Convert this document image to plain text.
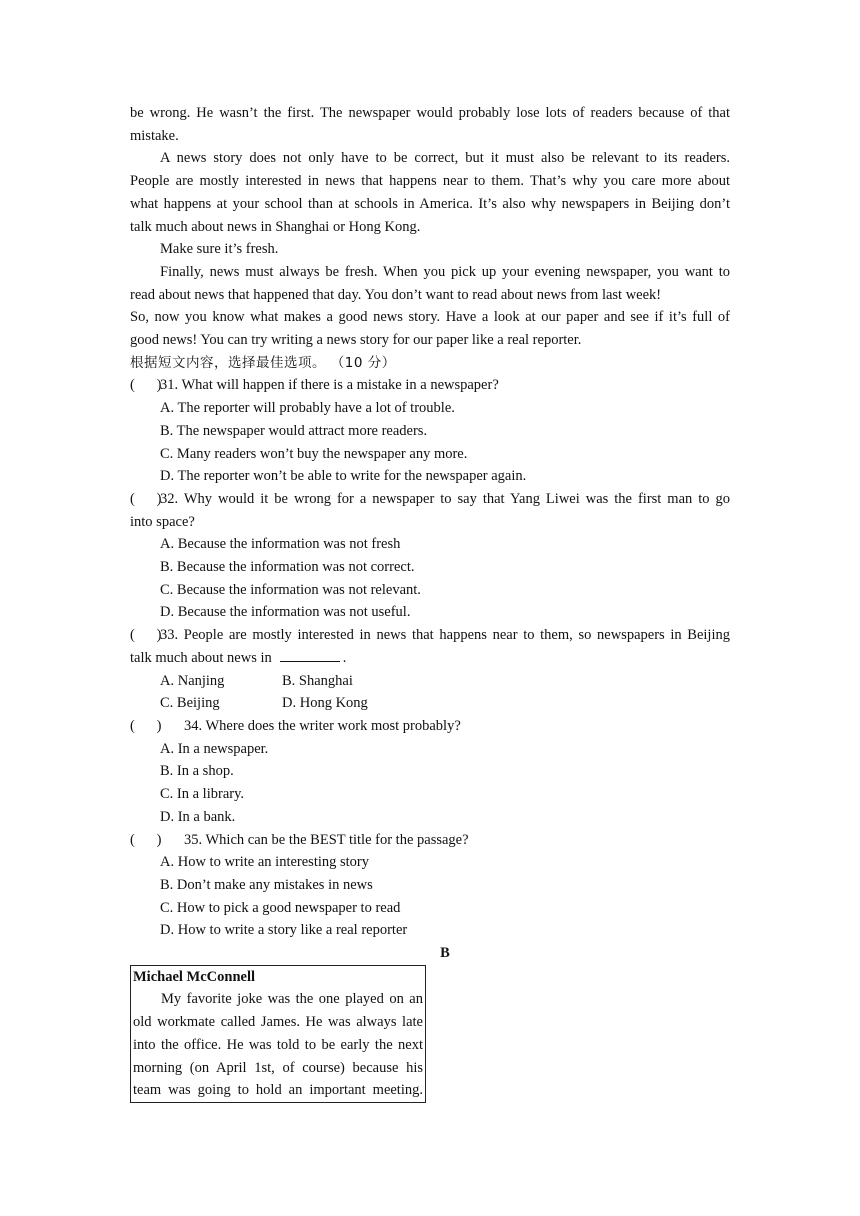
be wrong. He wasn’t the first. The newspaper would probably lose lots of readers because of that

mistake.

A news story does not only have to be correct, but it must also be relevant to its readers.

People are mostly interested in news that happens near to them. That’s why you care more about

what happens at your school than at schools in America. It’s also why newspapers in Beijing don’t

talk much about news in Shanghai or Hong Kong.

Make sure it’s fresh.

Finally, news must always be fresh. When you pick up your evening newspaper, you want to

read about news that happened that day. You don’t want to read about news from last week!

So, now you know what makes a good news story. Have a look at our paper and see if it’s full of

good news! You can try writing a news story for our paper like a real reporter.

根据短文内容，选择最佳选项。 （10 分）

(      )31. What will happen if there is a mistake in a newspaper?

A. The reporter will probably have a lot of trouble.

B. The newspaper would attract more readers.

C. Many readers won’t buy the newspaper any more.

D. The reporter won’t be able to write for the newspaper again.

(      )32. Why would it be wrong for a newspaper to say that Yang Liwei was the first man to go

into space?

A. Because the information was not fresh

B. Because the information was not correct.

C. Because the information was not relevant.

D. Because the information was not useful.

(      )33. People are mostly interested in news that happens near to them, so newspapers in Beijing

talk much about news in	.

A. Nanjing	B. Shanghai
C. Beijing	D. Hong Kong

(      ) 34. Where does the writer work most probably?

A. In a newspaper.

B. In a shop.

C. In a library.

D. In a bank.

(      ) 35. Which can be the BEST title for the passage?

A. How to write an interesting story

B. Don’t make any mistakes in news

C. How to pick a good newspaper to read

D. How to write a story like a real reporter

B

Michael McConnell

My favorite joke was the one played on an

old workmate called James. He was always late

into the office. He was told to be early the next

morning (on April 1st, of course) because his

team was going to hold an important meeting.
